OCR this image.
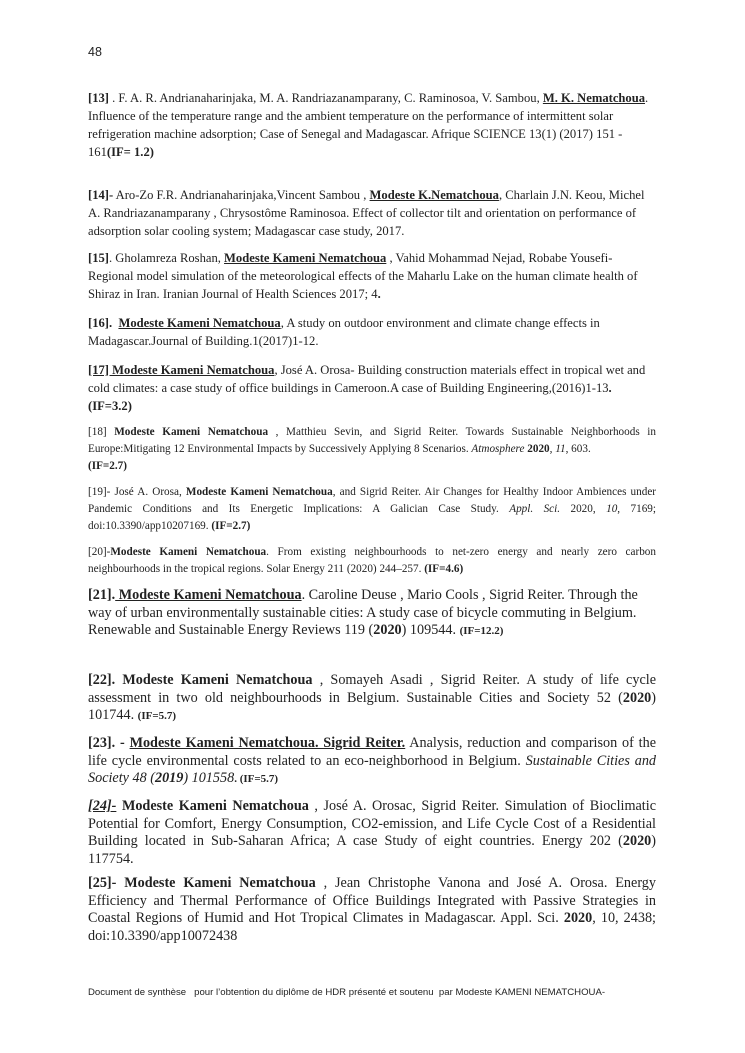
48

[13] . F. A. R. Andrianaharinjaka, M. A. Randriazanamparany, C. Raminosoa, V. Sambou, M. K. Nematchoua. Influence of the temperature range and the ambient temperature on the performance of intermittent solar refrigeration machine adsorption; Case of Senegal and Madagascar. Afrique SCIENCE 13(1) (2017) 151 - 161(IF= 1.2)

[14]- Aro-Zo F.R. Andrianaharinjaka,Vincent Sambou , Modeste K.Nematchoua, Charlain J.N. Keou, Michel A. Randriazanamparany , Chrysostôme Raminosoa. Effect of collector tilt and orientation on performance of adsorption solar cooling system; Madagascar case study, 2017.

[15]. Gholamreza Roshan, Modeste Kameni Nematchoua , Vahid Mohammad Nejad, Robabe Yousefi- Regional model simulation of the meteorological effects of the Maharlu Lake on the human climate health of Shiraz in Iran. Iranian Journal of Health Sciences 2017; 4.

[16]. Modeste Kameni Nematchoua, A study on outdoor environment and climate change effects in Madagascar.Journal of Building.1(2017)1-12.

[17] Modeste Kameni Nematchoua, José A. Orosa- Building construction materials effect in tropical wet and cold climates: a case study of office buildings in Cameroon.A case of Building Engineering,(2016)1-13. (IF=3.2)

[18] Modeste Kameni Nematchoua , Matthieu Sevin, and Sigrid Reiter. Towards Sustainable Neighborhoods in Europe:Mitigating 12 Environmental Impacts by Successively Applying 8 Scenarios. Atmosphere 2020, 11, 603.
(IF=2.7)

[19]- José A. Orosa, Modeste Kameni Nematchoua, and Sigrid Reiter. Air Changes for Healthy Indoor Ambiences under Pandemic Conditions and Its Energetic Implications: A Galician Case Study. Appl. Sci. 2020, 10, 7169; doi:10.3390/app10207169. (IF=2.7)

[20]-Modeste Kameni Nematchoua. From existing neighbourhoods to net-zero energy and nearly zero carbon neighbourhoods in the tropical regions. Solar Energy 211 (2020) 244–257. (IF=4.6)

[21]. Modeste Kameni Nematchoua. Caroline Deuse , Mario Cools , Sigrid Reiter. Through the way of urban environmentally sustainable cities: A study case of bicycle commuting in Belgium. Renewable and Sustainable Energy Reviews 119 (2020) 109544. (IF=12.2)

[22]. Modeste Kameni Nematchoua , Somayeh Asadi , Sigrid Reiter. A study of life cycle assessment in two old neighbourhoods in Belgium. Sustainable Cities and Society 52 (2020) 101744. (IF=5.7)

[23]. - Modeste Kameni Nematchoua. Sigrid Reiter. Analysis, reduction and comparison of the life cycle environmental costs related to an eco-neighborhood in Belgium. Sustainable Cities and Society 48 (2019) 101558. (IF=5.7)

[24]- Modeste Kameni Nematchoua , José A. Orosac, Sigrid Reiter. Simulation of Bioclimatic Potential for Comfort, Energy Consumption, CO2-emission, and Life Cycle Cost of a Residential Building located in Sub-Saharan Africa; A case Study of eight countries. Energy 202 (2020) 117754.

[25]- Modeste Kameni Nematchoua , Jean Christophe Vanona and José A. Orosa. Energy Efficiency and Thermal Performance of Office Buildings Integrated with Passive Strategies in Coastal Regions of Humid and Hot Tropical Climates in Madagascar. Appl. Sci. 2020, 10, 2438; doi:10.3390/app10072438

Document de synthèse   pour l’obtention du diplôme de HDR présenté et soutenu  par Modeste KAMENI NEMATCHOUA-
